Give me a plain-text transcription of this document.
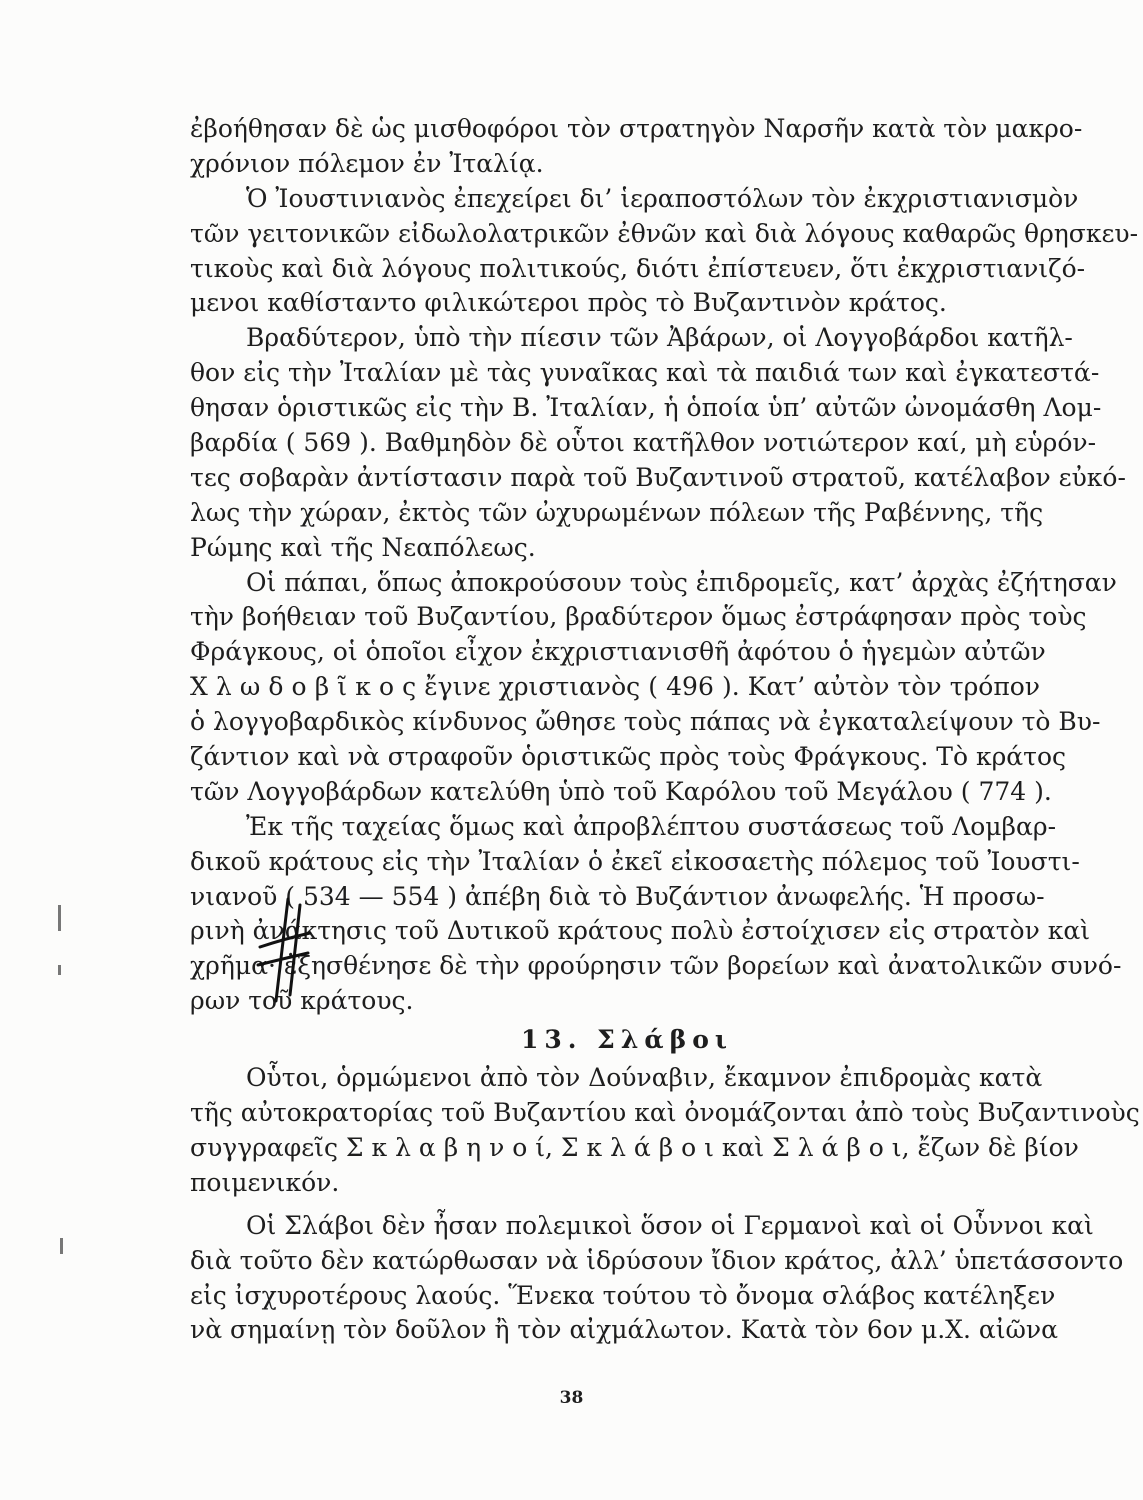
ἐβοήθησαν δὲ ὡς μισθοφόροι τὸν στρατηγὸν Ναρσῆν κατὰ τὸν μακρο-
χρόνιον πόλεμον ἐν Ἰταλίᾳ.
Ὁ Ἰουστινιανὸς ἐπεχείρει δι’ ἱεραποστόλων τὸν ἐκχριστιανισμὸν
τῶν γειτονικῶν εἰδωλολατρικῶν ἐθνῶν καὶ διὰ λόγους καθαρῶς θρησκευ-
τικοὺς καὶ διὰ λόγους πολιτικούς, διότι ἐπίστευεν, ὅτι ἐκχριστιανιζό-
μενοι καθίσταντο φιλικώτεροι πρὸς τὸ Βυζαντινὸν κράτος.
Βραδύτερον, ὑπὸ τὴν πίεσιν τῶν Ἀβάρων, οἱ Λογγοβάρδοι κατῆλ-
θον εἰς τὴν Ἰταλίαν μὲ τὰς γυναῖκας καὶ τὰ παιδιά των καὶ ἐγκατεστά-
θησαν ὁριστικῶς εἰς τὴν Β. Ἰταλίαν, ἡ ὁποία ὑπ’ αὐτῶν ὠνομάσθη Λομ-
βαρδία ( 569 ). Βαθμηδὸν δὲ οὗτοι κατῆλθον νοτιώτερον καί, μὴ εὑρόν-
τες σοβαρὰν ἀντίστασιν παρὰ τοῦ Βυζαντινοῦ στρατοῦ, κατέλαβον εὐκό-
λως τὴν χώραν, ἐκτὸς τῶν ὠχυρωμένων πόλεων τῆς Ραβέννης, τῆς
Ρώμης καὶ τῆς Νεαπόλεως.
Οἱ πάπαι, ὅπως ἀποκρούσουν τοὺς ἐπιδρομεῖς, κατ’ ἀρχὰς ἐζήτησαν
τὴν βοήθειαν τοῦ Βυζαντίου, βραδύτερον ὅμως ἐστράφησαν πρὸς τοὺς
Φράγκους, οἱ ὁποῖοι εἶχον ἐκχριστιανισθῆ ἀφότου ὁ ἡγεμὼν αὐτῶν
Χ λ ω δ ο β ῖ κ ο ς ἔγινε χριστιανὸς ( 496 ). Κατ’ αὐτὸν τὸν τρόπον
ὁ λογγοβαρδικὸς κίνδυνος ὤθησε τοὺς πάπας νὰ ἐγκαταλείψουν τὸ Βυ-
ζάντιον καὶ νὰ στραφοῦν ὁριστικῶς πρὸς τοὺς Φράγκους. Τὸ κράτος
τῶν Λογγοβάρδων κατελύθη ὑπὸ τοῦ Καρόλου τοῦ Μεγάλου ( 774 ).
Ἐκ τῆς ταχείας ὅμως καὶ ἀπροβλέπτου συστάσεως τοῦ Λομβαρ-
δικοῦ κράτους εἰς τὴν Ἰταλίαν ὁ ἐκεῖ εἰκοσαετὴς πόλεμος τοῦ Ἰουστι-
νιανοῦ ( 534 — 554 ) ἀπέβη διὰ τὸ Βυζάντιον ἀνωφελής. Ἡ προσω-
ρινὴ ἀνάκτησις τοῦ Δυτικοῦ κράτους πολὺ ἐστοίχισεν εἰς στρατὸν καὶ
χρῆμα· ἐξησθένησε δὲ τὴν φρούρησιν τῶν βορείων καὶ ἀνατολικῶν συνό-
ρων τοῦ κράτους.
13. Σλάβοι
Οὗτοι, ὁρμώμενοι ἀπὸ τὸν Δούναβιν, ἔκαμνον ἐπιδρομὰς κατὰ
τῆς αὐτοκρατορίας τοῦ Βυζαντίου καὶ ὀνομάζονται ἀπὸ τοὺς Βυζαντινοὺς
συγγραφεῖς Σ κ λ α β η ν ο ί, Σ κ λ ά β ο ι καὶ Σ λ ά β ο ι, ἔζων δὲ βίον
ποιμενικόν.
Οἱ Σλάβοι δὲν ἦσαν πολεμικοὶ ὅσον οἱ Γερμανοὶ καὶ οἱ Οὗννοι καὶ
διὰ τοῦτο δὲν κατώρθωσαν νὰ ἱδρύσουν ἴδιον κράτος, ἀλλ’ ὑπετάσσοντο
εἰς ἰσχυροτέρους λαούς. Ἕνεκα τούτου τὸ ὄνομα σλάβος κατέληξεν
νὰ σημαίνῃ τὸν δοῦλον ἢ τὸν αἰχμάλωτον. Κατὰ τὸν 6ον μ.Χ. αἰῶνα
38
